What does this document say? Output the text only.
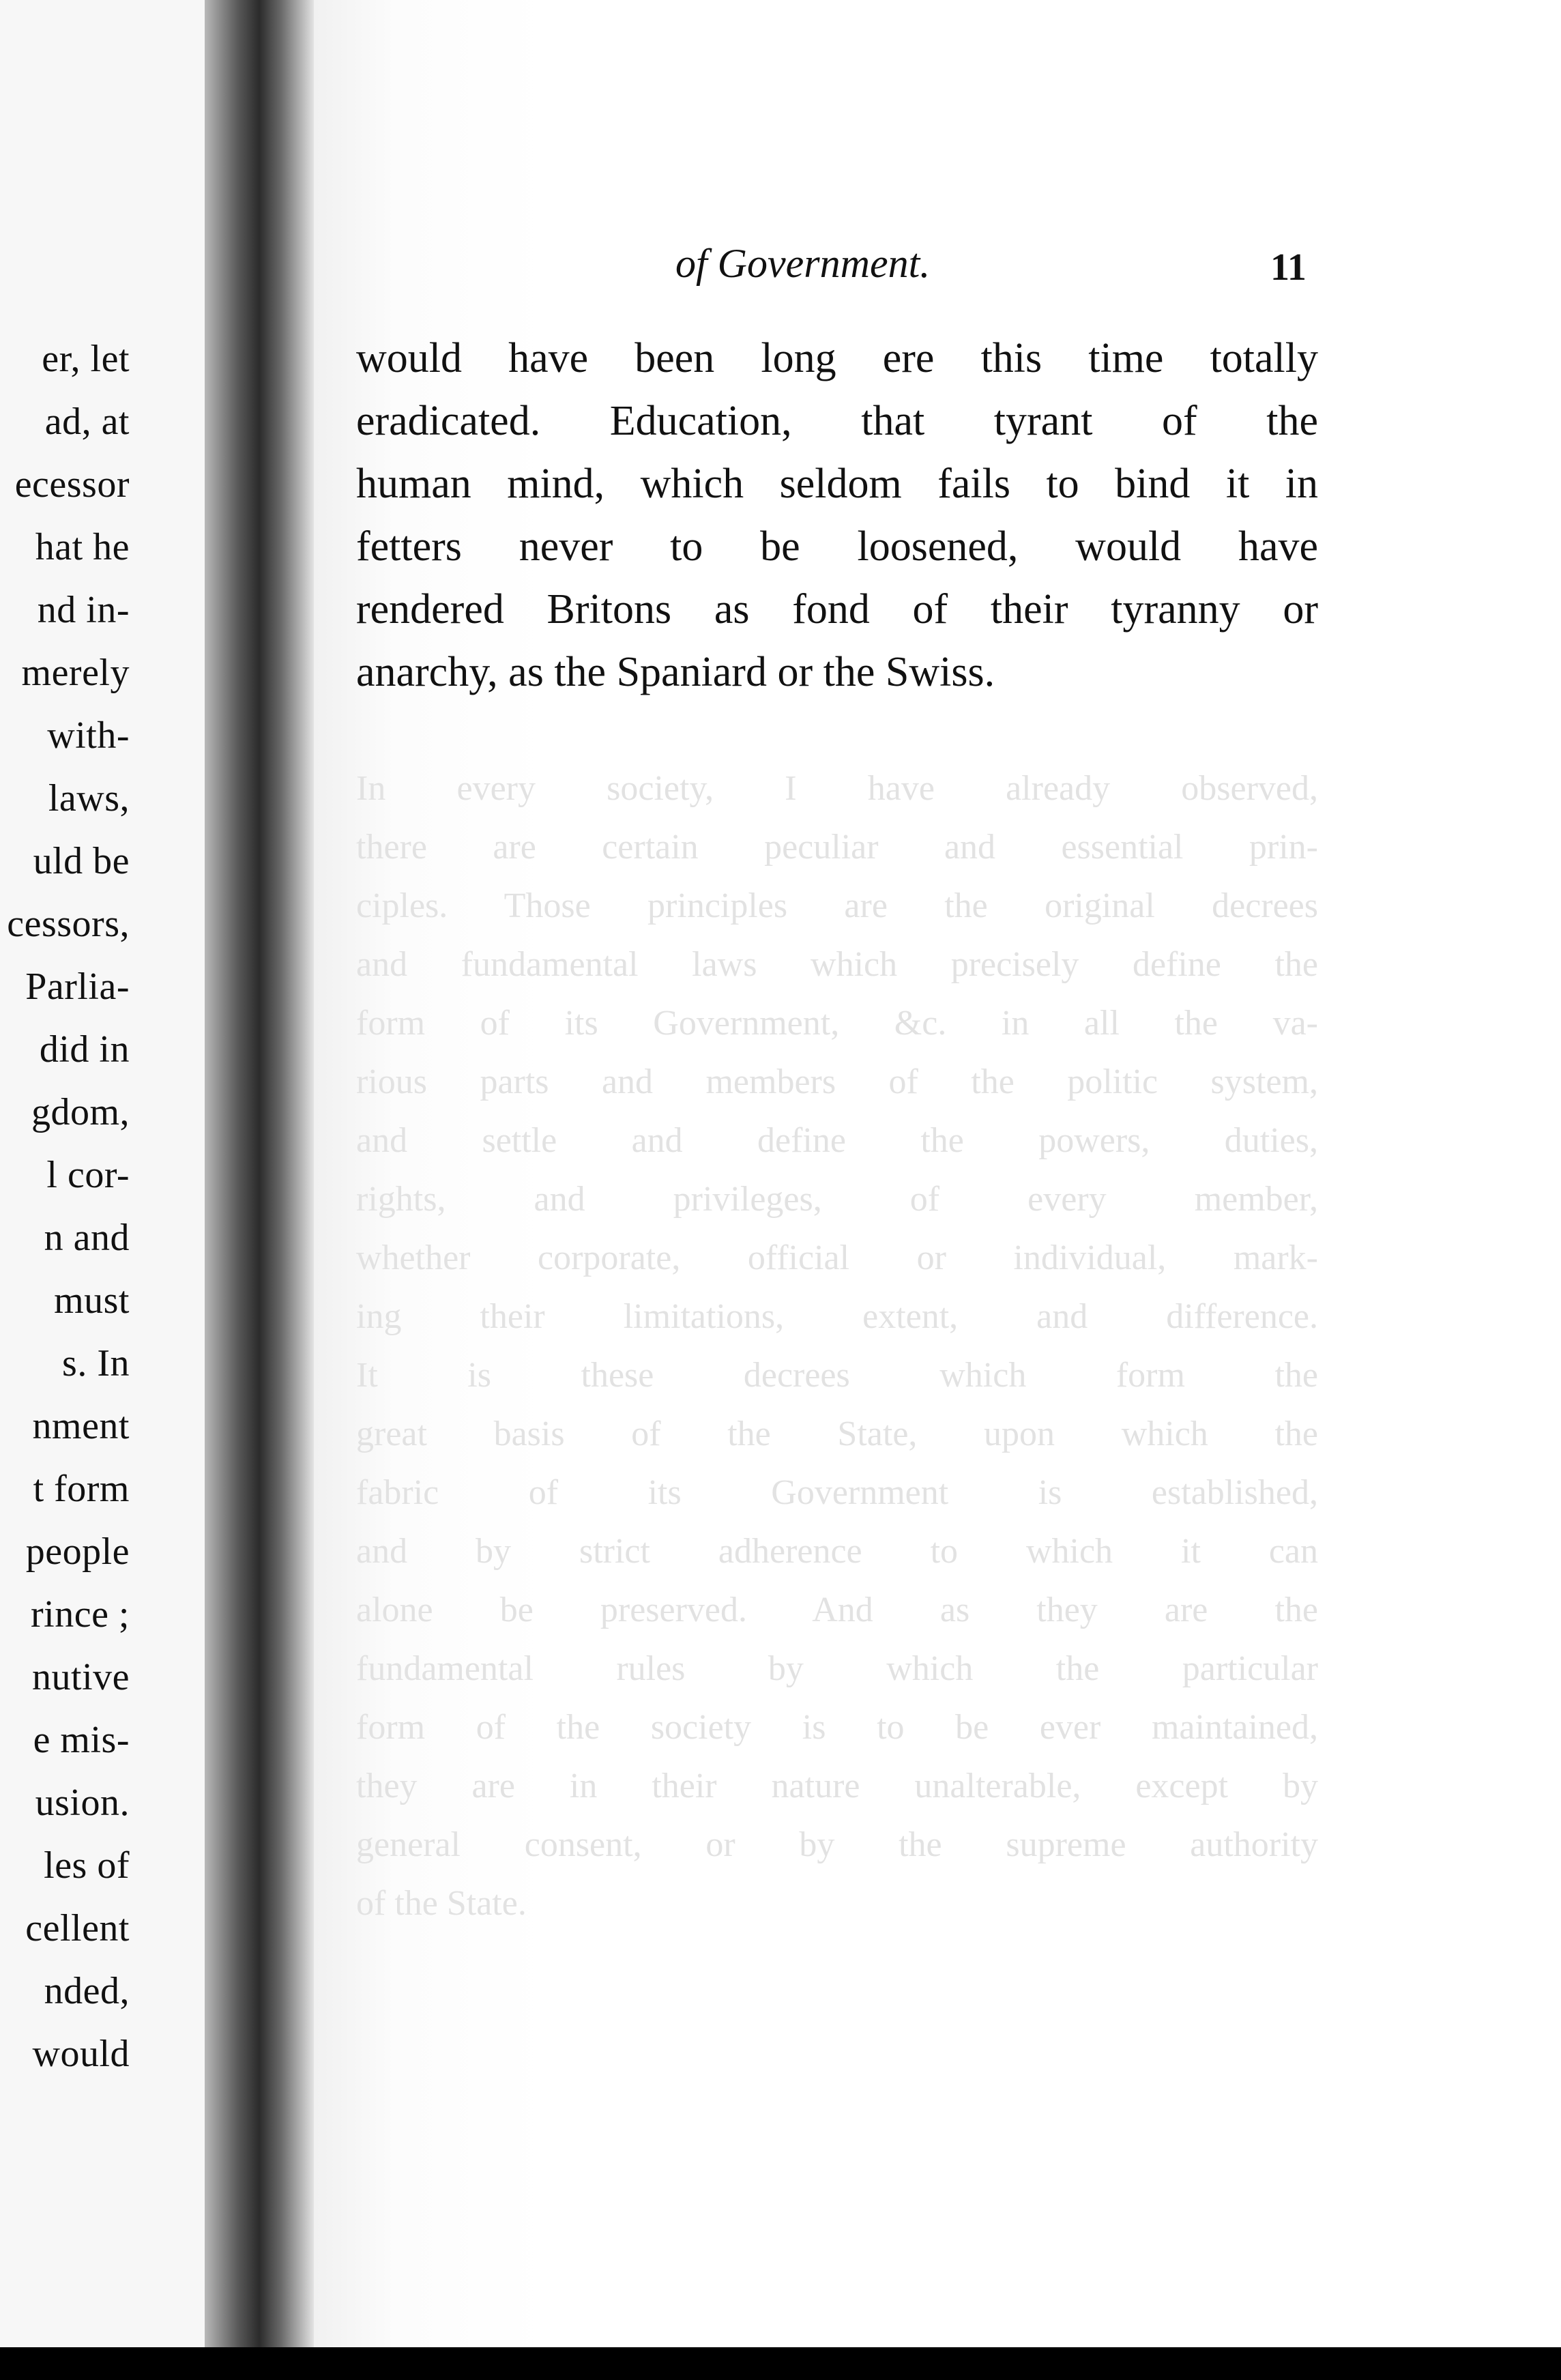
er, let
ad, at
ecessor
hat he
nd in-
merely
with-
laws,
uld be
cessors,
Parlia-
did in
gdom,
l cor-
n and
must
s. In
nment
t form
people
rince ;
nutive
e mis-
usion.
les of
cellent
nded,
would
In every society, I have already observed,
there are certain peculiar and essential prin-
ciples. Those principles are the original decrees
and fundamental laws which precisely define the
form of its Government, &c. in all the va-
rious parts and members of the politic system,
and settle and define the powers, duties,
rights, and privileges, of every member,
whether corporate, official or individual, mark-
ing their limitations, extent, and difference.
It is these decrees which form the
great basis of the State, upon which the
fabric of its Government is established,
and by strict adherence to which it can
alone be preserved. And as they are the
fundamental rules by which the particular
form of the society is to be ever maintained,
they are in their nature unalterable, except by
general consent, or by the supreme authority
of the State.
of Government.	11
would have been long ere this time totally
eradicated. Education, that tyrant of the
human mind, which seldom fails to bind it in
fetters never to be loosened, would have
rendered Britons as fond of their tyranny or
anarchy, as the Spaniard or the Swiss.
